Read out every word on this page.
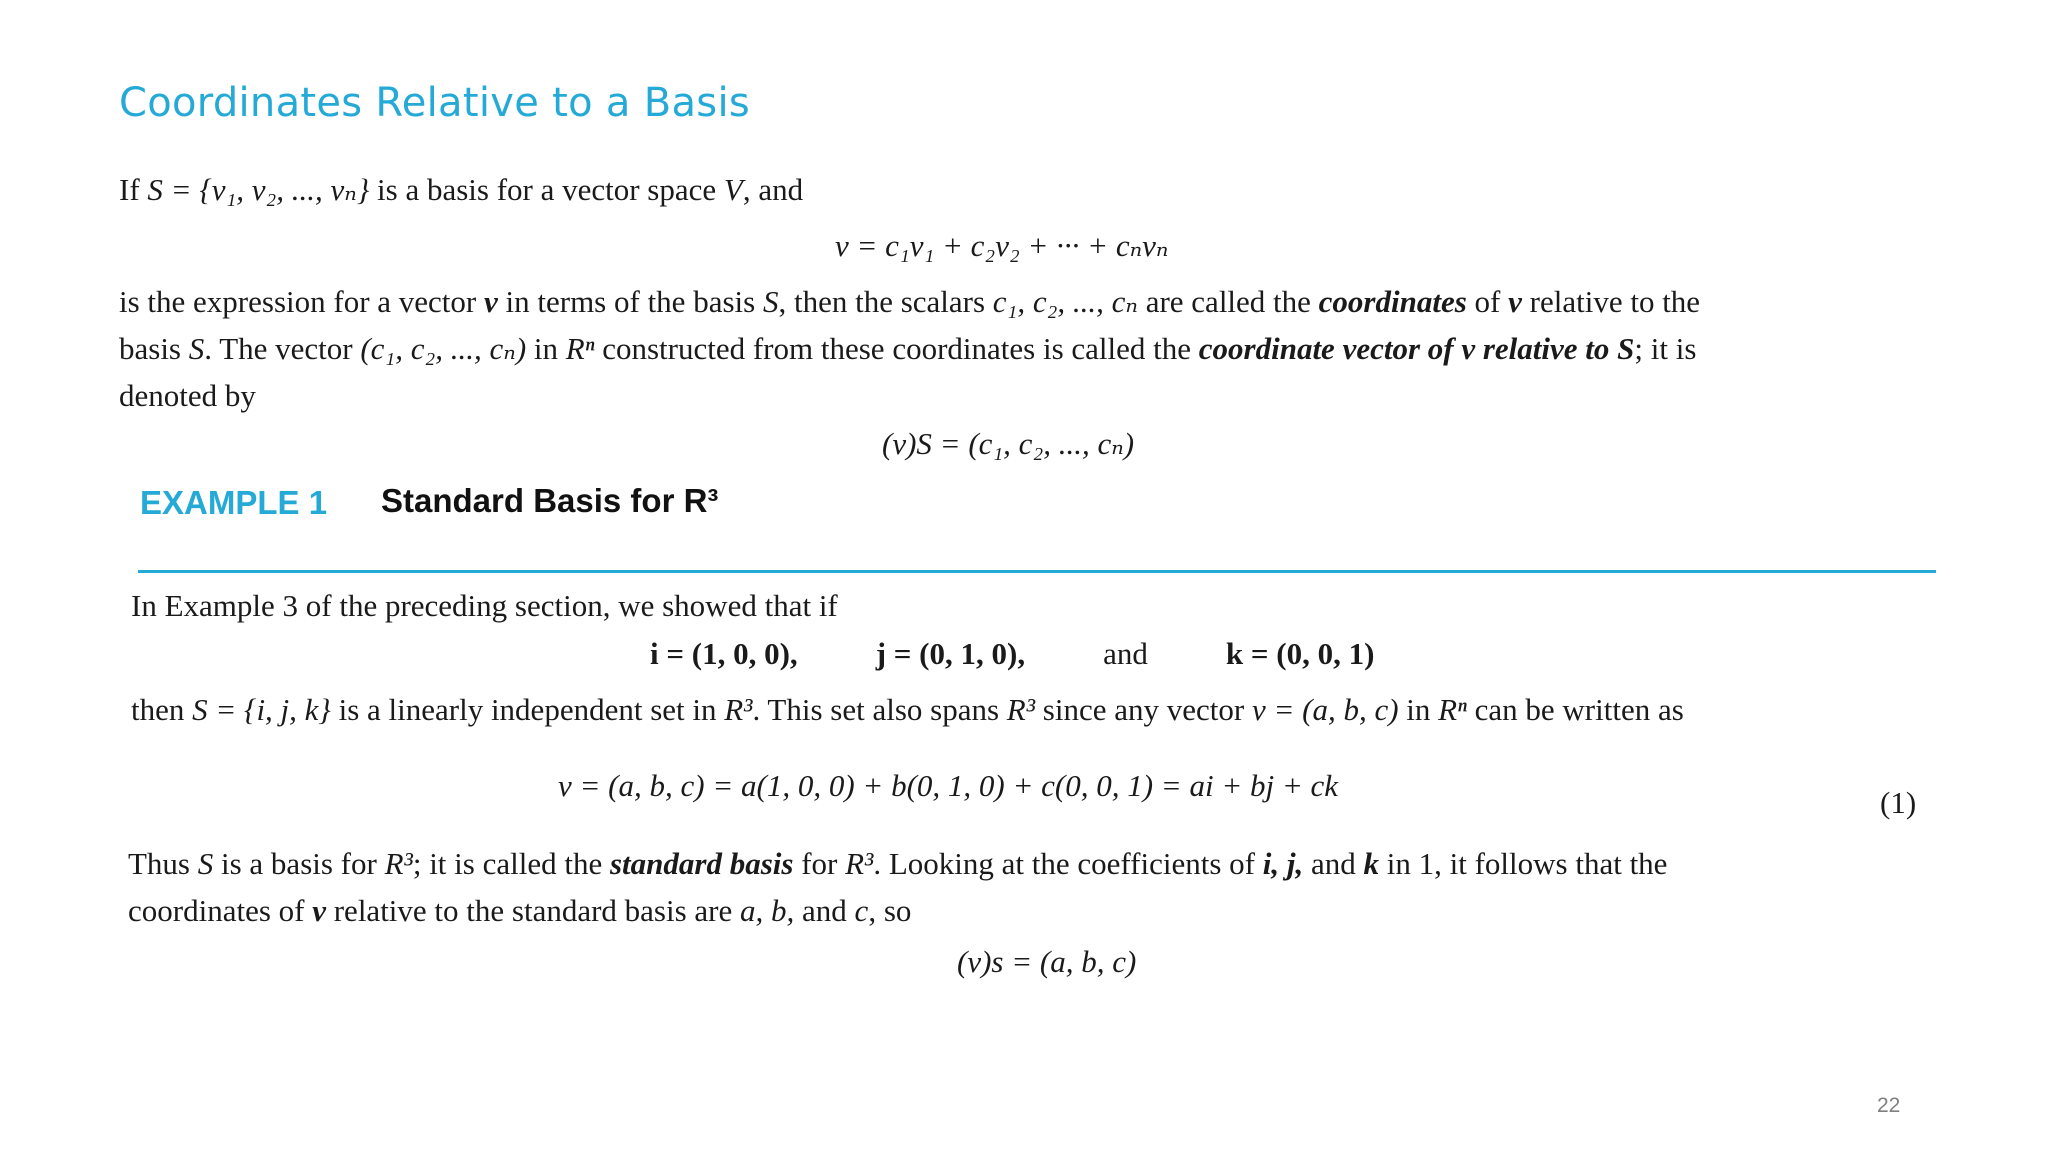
Coordinates Relative to a Basis
If S = {v₁, v₂, ..., vₙ} is a basis for a vector space V, and
v = c₁v₁ + c₂v₂ + ··· + cₙvₙ
is the expression for a vector v in terms of the basis S, then the scalars c₁, c₂, ..., cₙ are called the coordinates of v relative to the
basis S. The vector (c₁, c₂, ..., cₙ) in Rⁿ constructed from these coordinates is called the coordinate vector of v relative to S; it is
denoted by
(v)S = (c₁, c₂, ..., cₙ)
EXAMPLE 1 Standard Basis for R³
In Example 3 of the preceding section, we showed that if
i = (1, 0, 0),	j = (0, 1, 0),	and	k = (0, 0, 1)
then S = {i, j, k} is a linearly independent set in R³. This set also spans R³ since any vector v = (a, b, c) in Rⁿ can be written as
v = (a, b, c) = a(1, 0, 0) + b(0, 1, 0) + c(0, 0, 1) = ai + bj + ck	(1)
Thus S is a basis for R³; it is called the standard basis for R³. Looking at the coefficients of i, j, and k in 1, it follows that the
coordinates of v relative to the standard basis are a, b, and c, so
(v)s = (a, b, c)
22
